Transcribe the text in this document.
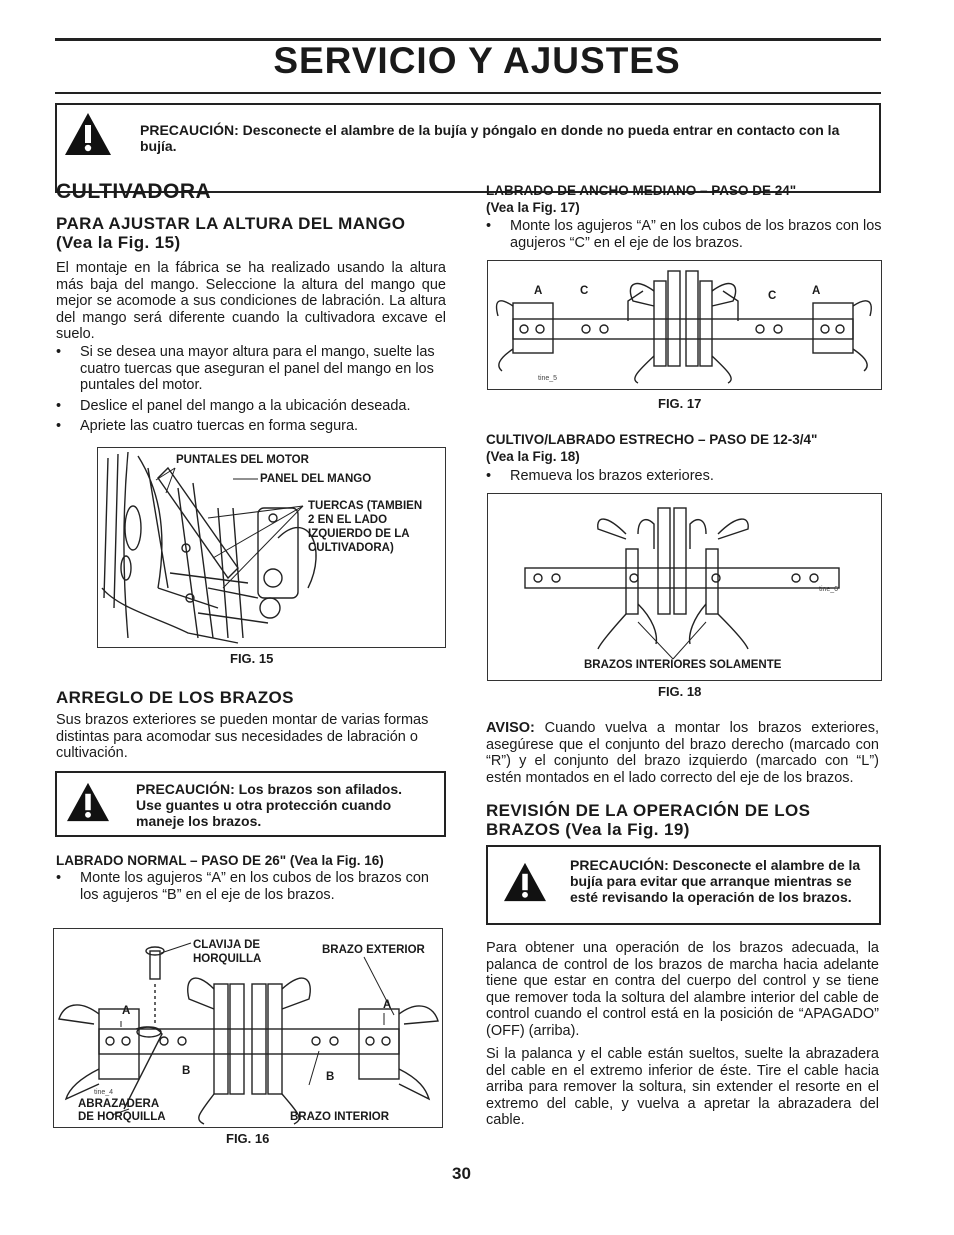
SERVICIO Y AJUSTES
PRECAUCIÓN: Desconecte el alambre de la bujía y póngalo en donde no pueda entrar en contacto con la bujía.
CULTIVADORA
PARA AJUSTAR LA ALTURA DEL MANGO (Vea la Fig. 15)
El montaje en la fábrica se ha realizado usando la altura más baja del mango. Seleccione la altura del mango que mejor se acomode a sus condiciones de labración. La altura del mango será diferente cuando la cultivadora excave el suelo.
• Si se desea una mayor altura para el mango, suelte las cuatro tuercas que aseguran el panel del mango en los puntales del motor.
• Deslice el panel del mango a la ubicación deseada.
• Apriete las cuatro tuercas en forma segura.
PUNTALES DEL MOTOR
PANEL DEL MANGO
TUERCAS (TAMBIEN
2 EN EL LADO
IZQUIERDO DE LA
CULTIVADORA)
FIG. 15
ARREGLO DE LOS BRAZOS
Sus brazos exteriores se pueden montar de varias formas distintas para acomodar sus necesidades de labración o cultivación.
PRECAUCIÓN: Los brazos son afilados. Use guantes u otra protección cuando maneje los brazos.
LABRADO NORMAL – PASO DE 26" (Vea la Fig. 16)
• Monte los agujeros “A” en los cubos de los brazos con los agujeros “B” en el eje de los brazos.
CLAVIJA DE
HORQUILLA
BRAZO EXTERIOR
A	A
B	B
tine_4
ABRAZADERA
DE HORQUILLA	BRAZO INTERIOR
FIG. 16
LABRADO DE ANCHO MEDIANO – PASO DE 24"
(Vea la Fig. 17)
• Monte los agujeros “A” en los cubos de los brazos con los agujeros “C” en el eje de los brazos.
A	C	C	A
tine_5
FIG. 17
CULTIVO/LABRADO ESTRECHO – PASO DE 12-3/4"
(Vea la Fig. 18)
• Remueva los brazos exteriores.
tine_6
BRAZOS INTERIORES SOLAMENTE
FIG. 18
AVISO: Cuando vuelva a montar los brazos exteriores, asegúrese que el conjunto del brazo derecho (marcado con “R”) y el conjunto del brazo izquierdo (marcado con “L”) estén montados en el lado correcto del eje de los brazos.
REVISIÓN DE LA OPERACIÓN DE LOS BRAZOS (Vea la Fig. 19)
PRECAUCIÓN: Desconecte el alambre de la bujía para evitar que arranque mientras se esté revisando la operación de los brazos.
Para obtener una operación de los brazos adecuada, la palanca de control de los brazos de marcha hacia adelante tiene que estar en contra del cuerpo del control y se tiene que remover toda la soltura del alambre interior del cable de control cuando el control está en la posición de “APAGADO” (OFF) (arriba).
Si la palanca y el cable están sueltos, suelte la abrazadera del cable en el extremo inferior de éste. Tire el cable hacia arriba para remover la soltura, sin extender el resorte en el extremo del cable, y vuelva a apretar la abrazadera del cable.
30
